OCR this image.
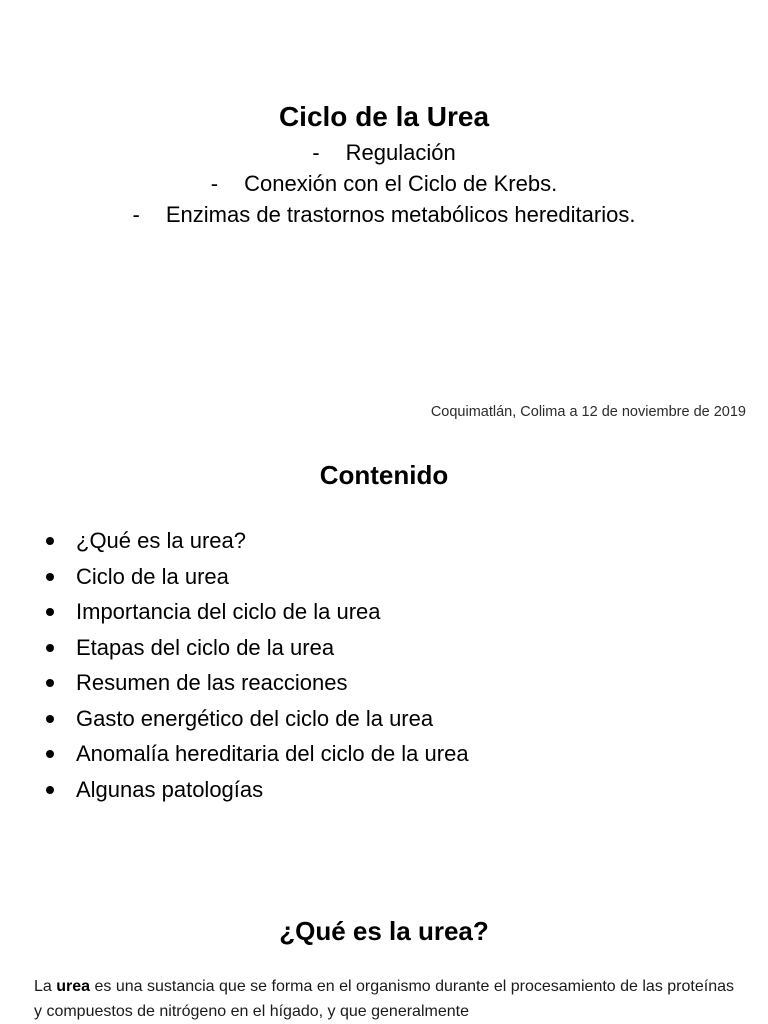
Ciclo de la Urea
- Regulación
- Conexión con el Ciclo de Krebs.
- Enzimas de trastornos metabólicos hereditarios.
Coquimatlán, Colima a 12 de noviembre de 2019
Contenido
¿Qué es la urea?
Ciclo de la urea
Importancia del ciclo de la urea
Etapas del ciclo de la urea
Resumen de las reacciones
Gasto energético del ciclo de la urea
Anomalía hereditaria del ciclo de la urea
Algunas patologías
¿Qué es la urea?

La urea es una sustancia que se forma en el organismo durante el procesamiento de las proteínas y compuestos de nitrógeno en el hígado, y que generalmente
